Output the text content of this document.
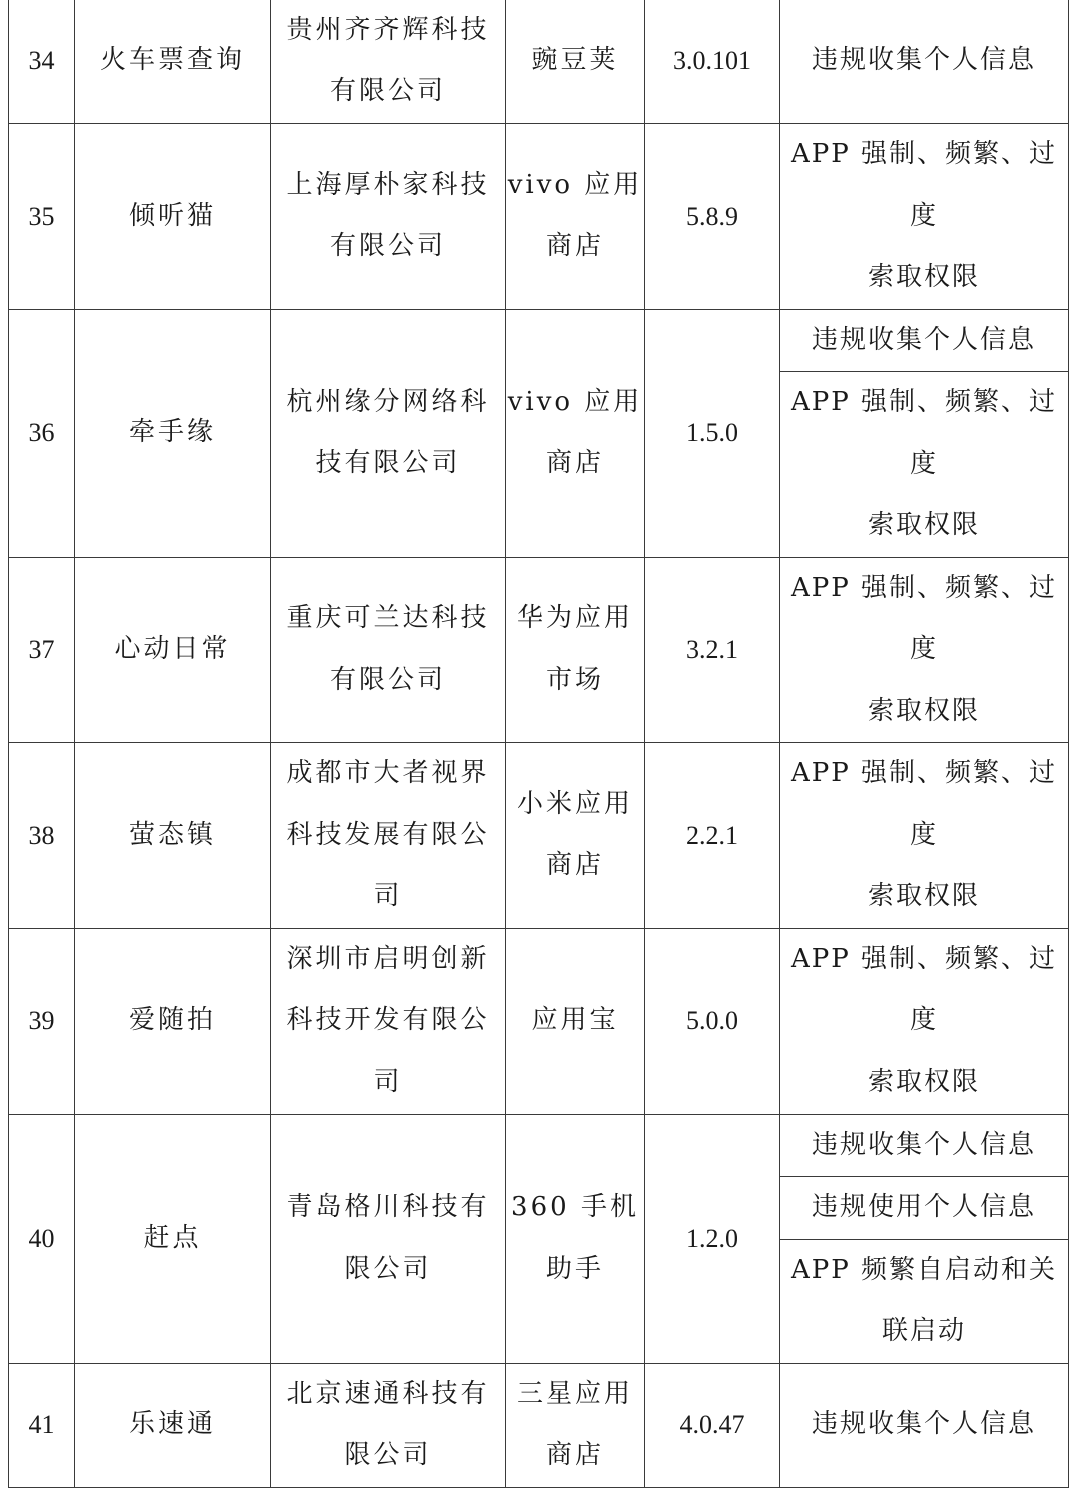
34	火车票查询	贵州齐齐辉科技
有限公司	豌豆荚	3.0.101	违规收集个人信息
35	倾听猫	上海厚朴家科技
有限公司	vivo 应用
商店	5.8.9	APP 强制、频繁、过度
索取权限
36	牵手缘	杭州缘分网络科
技有限公司	vivo 应用
商店	1.5.0	违规收集个人信息
					APP 强制、频繁、过度
索取权限
37	心动日常	重庆可兰达科技
有限公司	华为应用
市场	3.2.1	APP 强制、频繁、过度
索取权限
38	萤态镇	成都市大者视界
科技发展有限公
司	小米应用
商店	2.2.1	APP 强制、频繁、过度
索取权限
39	爱随拍	深圳市启明创新
科技开发有限公
司	应用宝	5.0.0	APP 强制、频繁、过度
索取权限
40	赶点	青岛格川科技有
限公司	360 手机
助手	1.2.0	违规收集个人信息
					违规使用个人信息
					APP 频繁自启动和关
联启动
41	乐速通	北京速通科技有
限公司	三星应用
商店	4.0.47	违规收集个人信息
